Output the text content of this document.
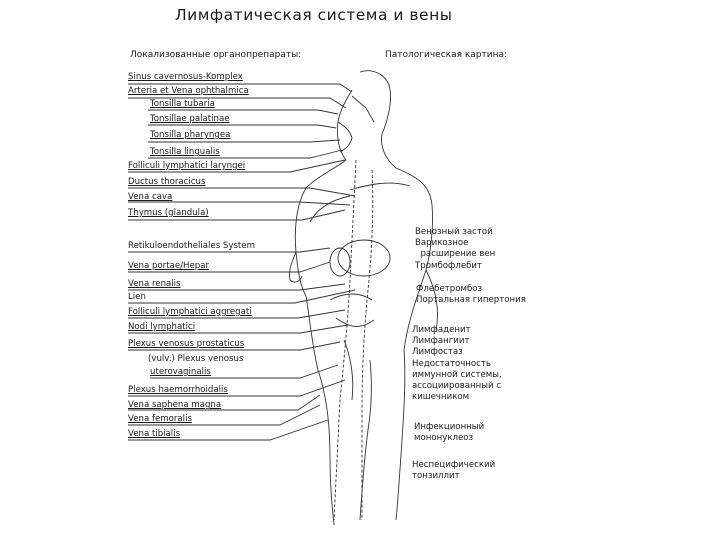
Лимфатическая система и вены
Локализованные органопрепараты:	Патологическая картина:
Sinus cavernosus-Komplex
Arteria et Vena ophthalmica
Tonsilla tubaria
Tonsillae palatinae
Tonsilla pharyngea
Tonsilla lingualis
Folliculi lymphatici laryngei
Ductus thoracicus
Vena cava
Thymus (glandula)
Retikuloendotheliales System
Vena portae/Hepar
Vena renalis
Lien
Folliculi lymphatici aggregati
Nodi lymphatici
Plexus venosus prostaticus
(vulv.) Plexus venosus
uterovaginalis
Plexus haemorrhoidalis
Vena saphena magna
Vena femoralis
Vena tibialis
Венозный застой
Варикозное
расширение вен
Тромбофлебит
Флебетромбоз
Портальная гипертония
Лимфаденит
Лимфангиит
Лимфостаз
Недостаточность
иммунной системы,
ассоциированный с
кишечником
Инфекционный
мононуклеоз
Неспецифический
тонзиллит
